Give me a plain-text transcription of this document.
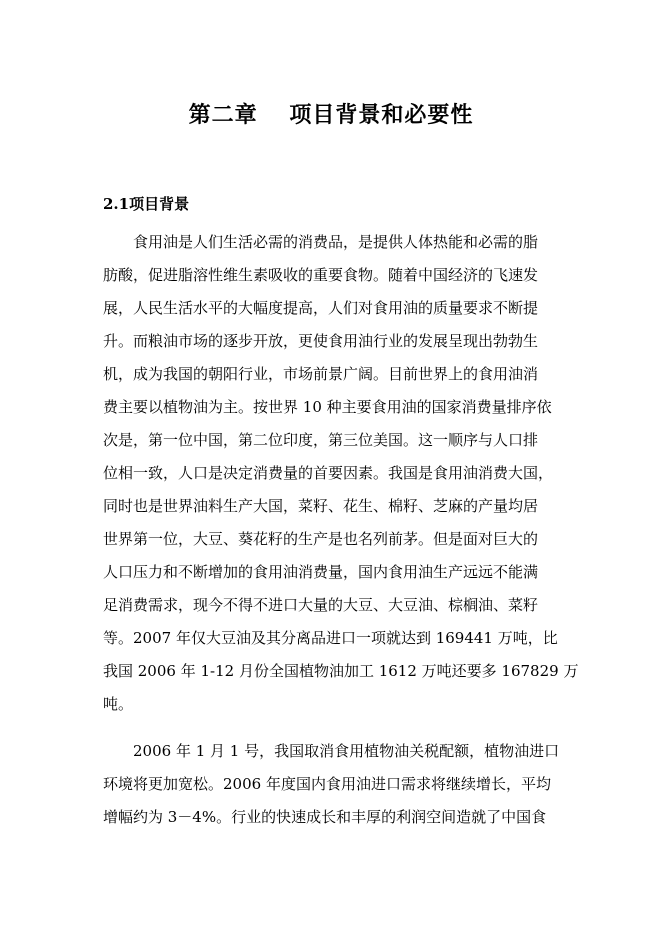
第二章　 项目背景和必要性
2.1项目背景
食用油是人们生活必需的消费品，是提供人体热能和必需的脂
肪酸，促进脂溶性维生素吸收的重要食物。随着中国经济的飞速发
展，人民生活水平的大幅度提高，人们对食用油的质量要求不断提
升。而粮油市场的逐步开放，更使食用油行业的发展呈现出勃勃生
机，成为我国的朝阳行业，市场前景广阔。目前世界上的食用油消
费主要以植物油为主。按世界 10 种主要食用油的国家消费量排序依
次是，第一位中国，第二位印度，第三位美国。这一顺序与人口排
位相一致，人口是决定消费量的首要因素。我国是食用油消费大国，
同时也是世界油料生产大国，菜籽、花生、棉籽、芝麻的产量均居
世界第一位，大豆、葵花籽的生产是也名列前茅。但是面对巨大的
人口压力和不断增加的食用油消费量，国内食用油生产远远不能满
足消费需求，现今不得不进口大量的大豆、大豆油、棕榈油、菜籽
等。2007 年仅大豆油及其分离品进口一项就达到 169441 万吨，比
我国 2006 年 1-12 月份全国植物油加工 1612 万吨还要多 167829 万
吨。
2006 年 1 月 1 号，我国取消食用植物油关税配额，植物油进口
环境将更加宽松。2006 年度国内食用油进口需求将继续增长，平均
增幅约为 3－4%。行业的快速成长和丰厚的利润空间造就了中国食
